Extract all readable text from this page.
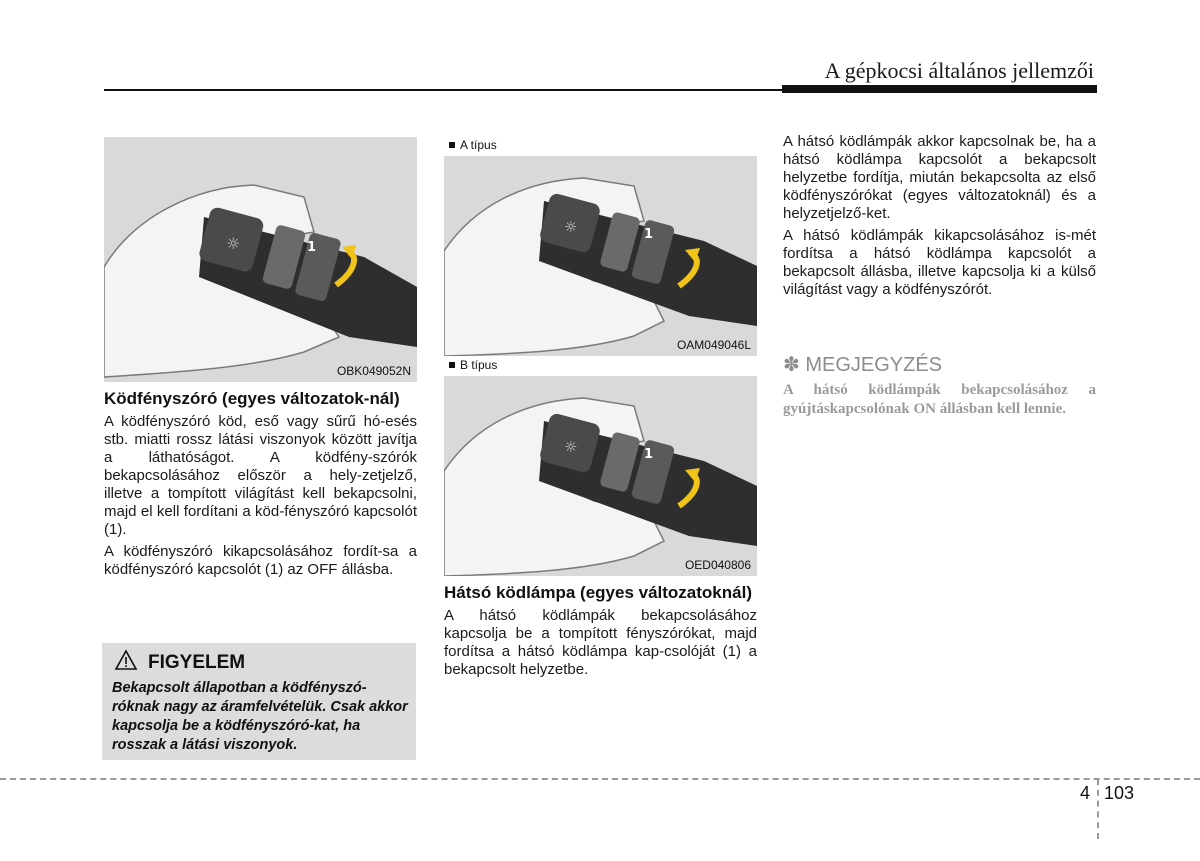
A gépkocsi általános jellemzői
☼	1
OBK049052N
A típus
☼	1
OAM049046L
B típus
☼	1
OED040806
Ködfényszóró (egyes változatok-nál)

A ködfényszóró köd, eső vagy sűrű hó-esés stb. miatti rossz látási viszonyok között javítja a láthatóságot. A ködfény-szórók bekapcsolásához először a hely-zetjelző, illetve a tompított világítást kell bekapcsolni, majd el kell fordítani a köd-fényszóró kapcsolót (1).

A ködfényszóró kikapcsolásához fordít-sa a ködfényszóró kapcsolót (1) az OFF állásba.

FIGYELEM
Bekapcsolt állapotban a ködfényszó-róknak nagy az áramfelvételük. Csak akkor kapcsolja be a ködfényszóró-kat, ha rosszak a látási viszonyok.
Hátsó ködlámpa (egyes változatoknál)

A hátsó ködlámpák bekapcsolásához kapcsolja be a tompított fényszórókat, majd fordítsa a hátsó ködlámpa kap-csolóját (1) a bekapcsolt helyzetbe.

A hátsó ködlámpák akkor kapcsolnak be, ha a hátsó ködlámpa kapcsolót a bekapcsolt helyzetbe fordítja, miután bekapcsolta az első ködfényszórókat (egyes változatoknál) és a helyzetjelző-ket.

A hátsó ködlámpák kikapcsolásához is-mét fordítsa a hátsó ködlámpa kapcsolót a bekapcsolt állásba, illetve kapcsolja ki a külső világítást vagy a ködfényszórót.

✽ MEGJEGYZÉS
A hátsó ködlámpák bekapcsolásához a gyújtáskapcsolónak ON állásban kell lennie.
4 103
